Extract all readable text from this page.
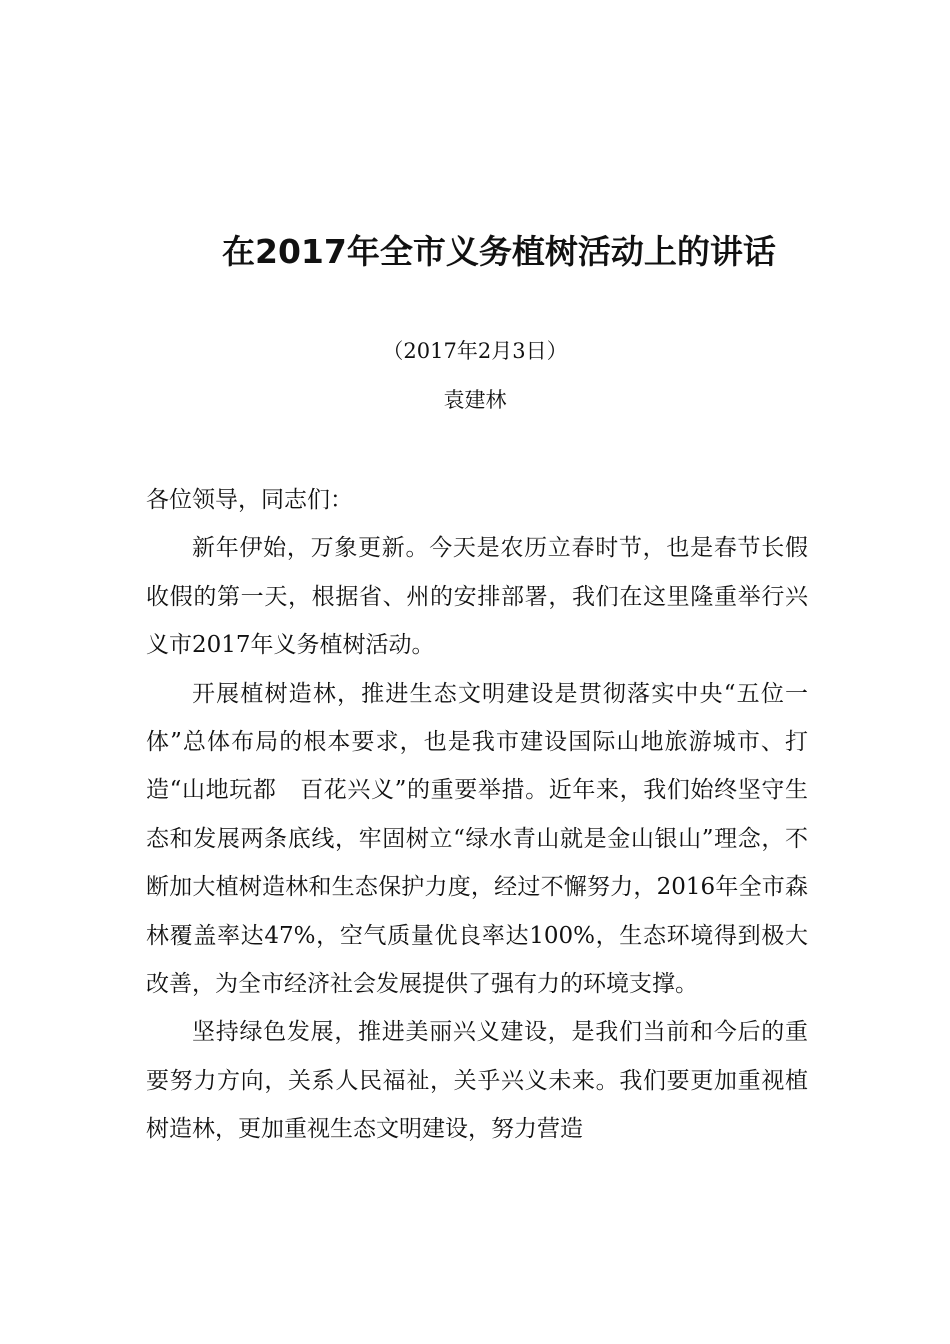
在2017年全市义务植树活动上的讲话
（2017年2月3日）
袁建林

各位领导，同志们：

新年伊始，万象更新。今天是农历立春时节，也是春节长假收假的第一天，根据省、州的安排部署，我们在这里隆重举行兴义市2017年义务植树活动。

开展植树造林，推进生态文明建设是贯彻落实中央“五位一体”总体布局的根本要求，也是我市建设国际山地旅游城市、打造“山地玩都　百花兴义”的重要举措。近年来，我们始终坚守生态和发展两条底线，牢固树立“绿水青山就是金山银山”理念，不断加大植树造林和生态保护力度，经过不懈努力，2016年全市森林覆盖率达47%，空气质量优良率达100%，生态环境得到极大改善，为全市经济社会发展提供了强有力的环境支撑。

坚持绿色发展，推进美丽兴义建设，是我们当前和今后的重要努力方向，关系人民福祉，关乎兴义未来。我们要更加重视植树造林，更加重视生态文明建设，努力营造
